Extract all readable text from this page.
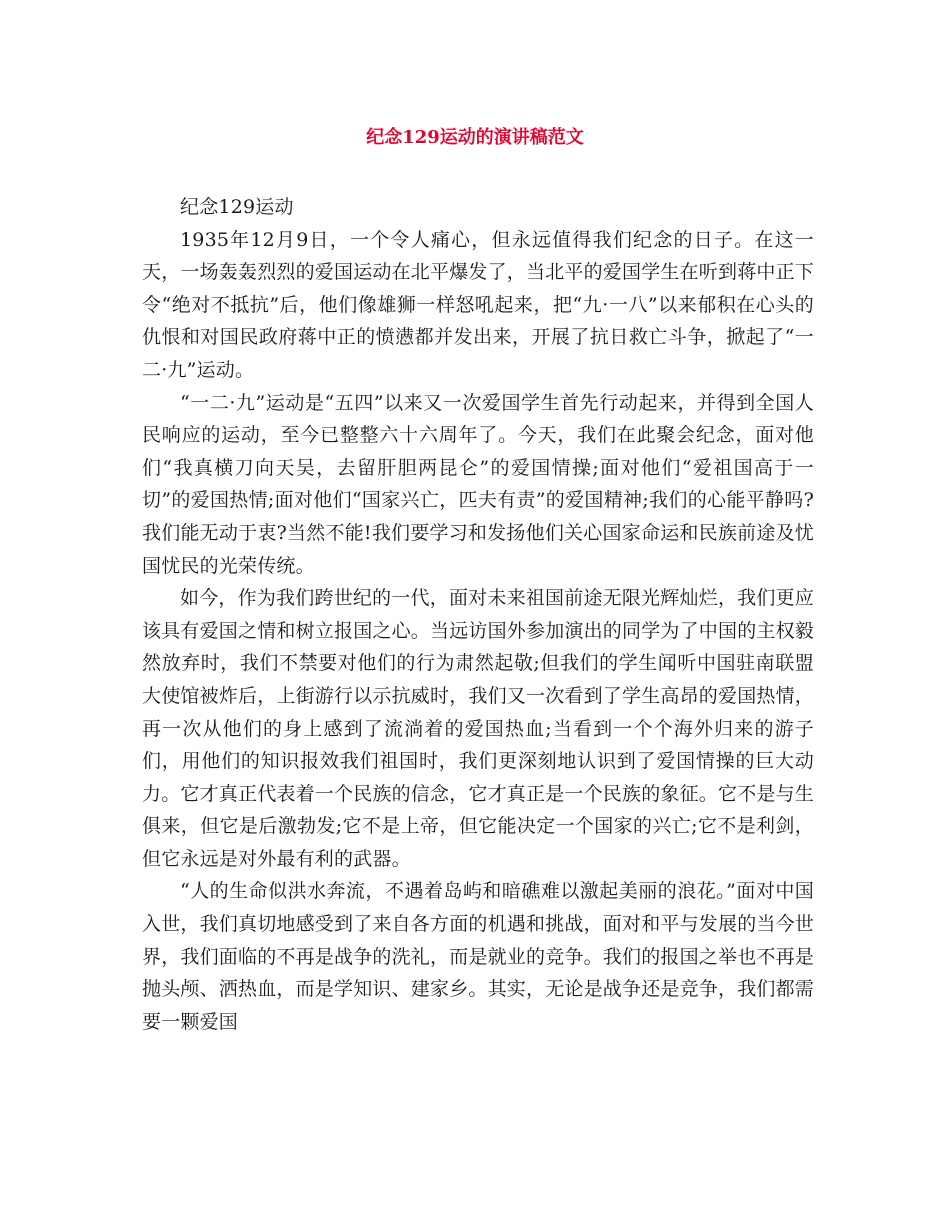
纪念129运动的演讲稿范文

纪念129运动

1935年12月9日，一个令人痛心，但永远值得我们纪念的日子。在这一天，一场轰轰烈烈的爱国运动在北平爆发了，当北平的爱国学生在听到蒋中正下令“绝对不抵抗”后，他们像雄狮一样怒吼起来，把“九·一八”以来郁积在心头的仇恨和对国民政府蒋中正的愤懑都并发出来，开展了抗日救亡斗争，掀起了“一二·九”运动。

“一二·九”运动是“五四”以来又一次爱国学生首先行动起来，并得到全国人民响应的运动，至今已整整六十六周年了。今天，我们在此聚会纪念，面对他们“我真横刀向天吴，去留肝胆两昆仑”的爱国情操;面对他们“爱祖国高于一切”的爱国热情;面对他们“国家兴亡，匹夫有责”的爱国精神;我们的心能平静吗?我们能无动于衷?当然不能!我们要学习和发扬他们关心国家命运和民族前途及忧国忧民的光荣传统。

如今，作为我们跨世纪的一代，面对未来祖国前途无限光辉灿烂，我们更应该具有爱国之情和树立报国之心。当远访国外参加演出的同学为了中国的主权毅然放弃时，我们不禁要对他们的行为肃然起敬;但我们的学生闻听中国驻南联盟大使馆被炸后，上街游行以示抗威时，我们又一次看到了学生高昂的爱国热情，再一次从他们的身上感到了流淌着的爱国热血;当看到一个个海外归来的游子们，用他们的知识报效我们祖国时，我们更深刻地认识到了爱国情操的巨大动力。它才真正代表着一个民族的信念，它才真正是一个民族的象征。它不是与生俱来，但它是后激勃发;它不是上帝，但它能决定一个国家的兴亡;它不是利剑，但它永远是对外最有利的武器。

“人的生命似洪水奔流，不遇着岛屿和暗礁难以激起美丽的浪花。”面对中国入世，我们真切地感受到了来自各方面的机遇和挑战，面对和平与发展的当今世界，我们面临的不再是战争的洗礼，而是就业的竞争。我们的报国之举也不再是抛头颅、洒热血，而是学知识、建家乡。其实，无论是战争还是竞争，我们都需要一颗爱国
